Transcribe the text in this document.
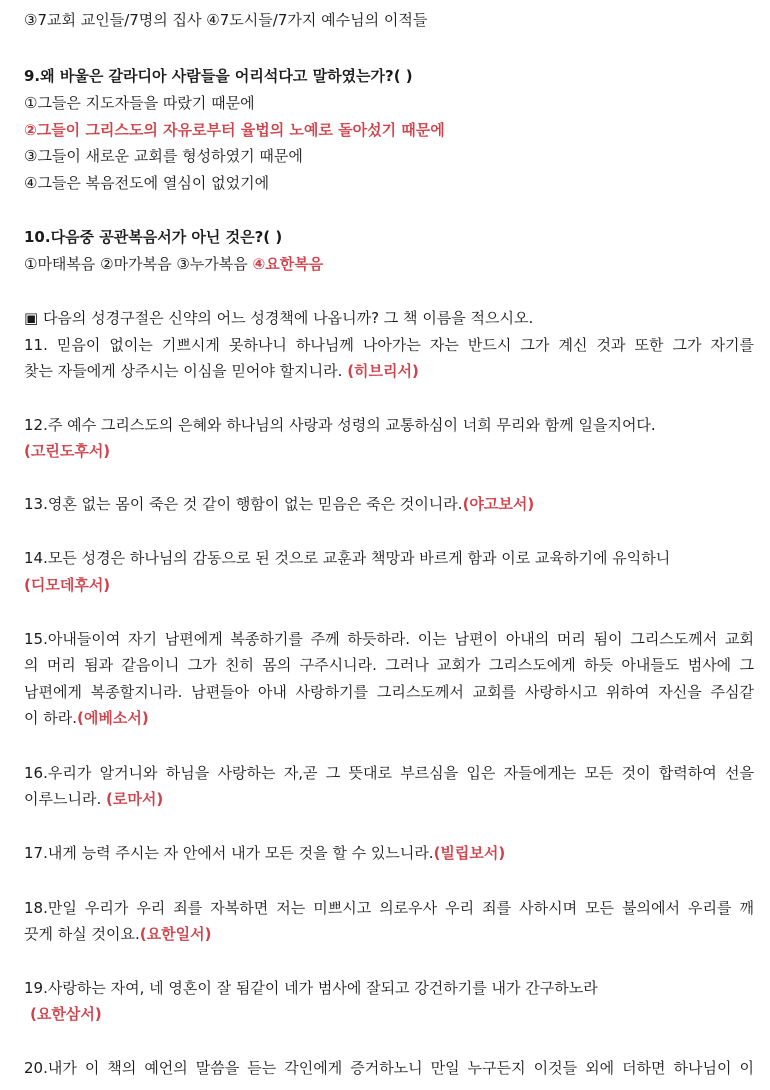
③7교회 교인들/7명의 집사 ④7도시들/7가지 예수님의 이적들
9.왜 바울은 갈라디아 사람들을 어리석다고 말하였는가?( )
①그들은 지도자들을 따랐기 때문에
②그들이 그리스도의 자유로부터 율법의 노예로 돌아섰기 때문에
③그들이 새로운 교회를 형성하였기 때문에
④그들은 복음전도에 열심이 없었기에
10.다음중 공관복음서가 아닌 것은?( )
①마태복음 ②마가복음 ③누가복음 ④요한복음
▣ 다음의 성경구절은 신약의 어느 성경책에 나옵니까? 그 책 이름을 적으시오.
11. 믿음이 없이는 기쁘시게 못하나니 하나님께 나아가는 자는 반드시 그가 계신 것과 또한 그가 자기를
찾는 자들에게 상주시는 이심을 믿어야 할지니라. (히브리서)
12.주 예수 그리스도의 은혜와 하나님의 사랑과 성령의 교통하심이 너희 무리와 함께 일을지어다.
(고린도후서)
13.영혼 없는 몸이 죽은 것 같이 행함이 없는 믿음은 죽은 것이니라.(야고보서)
14.모든 성경은 하나님의 감동으로 된 것으로 교훈과 책망과 바르게 함과 이로 교육하기에 유익하니
(디모데후서)
15.아내들이여 자기 남편에게 복종하기를 주께 하듯하라. 이는 남편이 아내의 머리 됨이 그리스도께서 교회
의 머리 됨과 같음이니 그가 친히 몸의 구주시니라. 그러나 교회가 그리스도에게 하듯 아내들도 범사에 그
남편에게 복종할지니라. 남편들아 아내 사랑하기를 그리스도께서 교회를 사랑하시고 위하여 자신을 주심같
이 하라.(에베소서)
16.우리가 알거니와 하님을 사랑하는 자,곧 그 뜻대로 부르심을 입은 자들에게는 모든 것이 합력하여 선을
이루느니라. (로마서)
17.내게 능력 주시는 자 안에서 내가 모든 것을 할 수 있느니라.(빌립보서)
18.만일 우리가 우리 죄를 자복하면 저는 미쁘시고 의로우사 우리 죄를 사하시며 모든 불의에서 우리를 깨
끗게 하실 것이요.(요한일서)
19.사랑하는 자여, 네 영혼이 잘 됨같이 네가 범사에 잘되고 강건하기를 내가 간구하노라
(요한삼서)
20.내가 이 책의 예언의 말씀을 듣는 각인에게 증거하노니 만일 누구든지 이것들 외에 더하면 하나님이 이
